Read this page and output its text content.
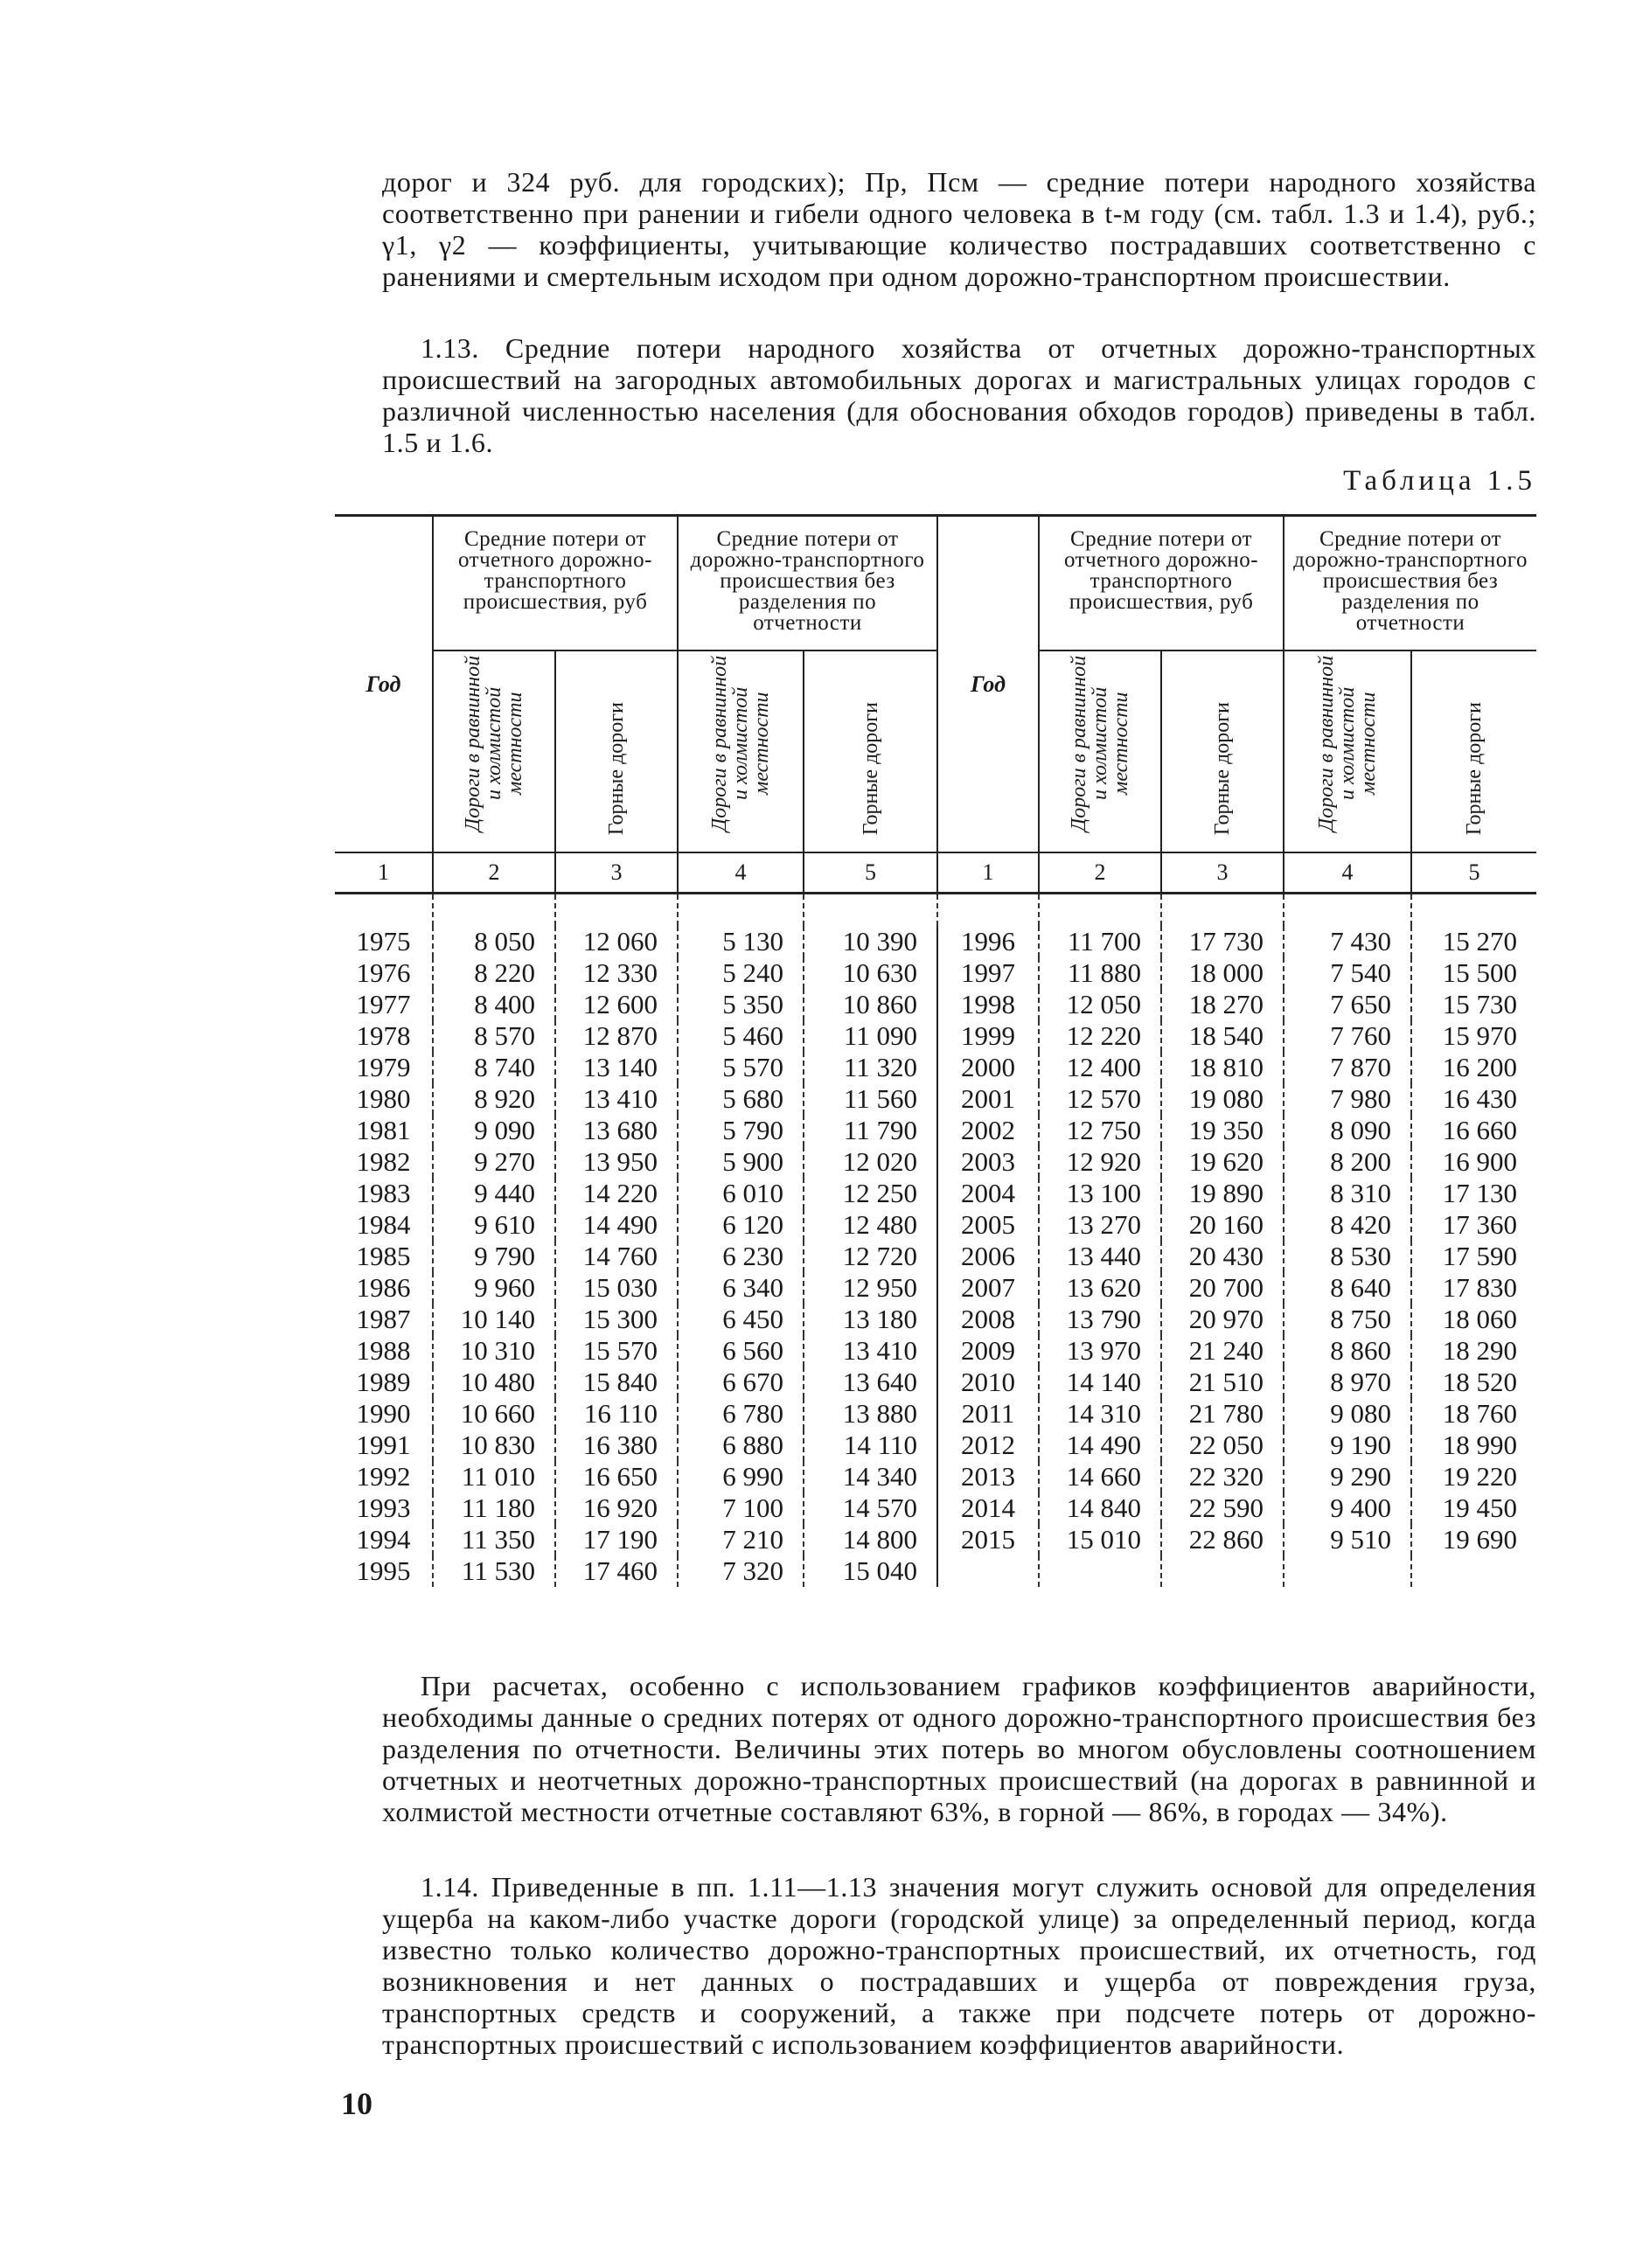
дорог и 324 руб. для городских); Пр, Псм — средние потери народного хозяйства соответственно при ранении и гибели одного человека в t-м году (см. табл. 1.3 и 1.4), руб.; γ1, γ2 — коэффициенты, учитывающие количество пострадавших соответственно с ранениями и смертельным исходом при одном дорожно-транспортном происшествии.

1.13. Средние потери народного хозяйства от отчетных дорожно-транспортных происшествий на загородных автомобильных дорогах и магистральных улицах городов с различной численностью населения (для обоснования обходов городов) приведены в табл. 1.5 и 1.6.

Таблица 1.5
Год	Средние потери от отчетного дорожно-транспортного происшествия, руб		Средние потери от дорожно-транспортного происшествия без разделения по отчетности		Год	Средние потери от отчетного дорожно-транспортного происшествия, руб		Средние потери от дорожно-транспортного происшествия без разделения по отчетности	
	Дороги в равнинной и холмистой местности	Горные дороги	Дороги в равнинной и холмистой местности	Горные дороги		Дороги в равнинной и холмистой местности	Горные дороги	Дороги в равнинной и холмистой местности	Горные дороги
1	2	3	4	5	1	2	3	4	5

1975	8 050	12 060	5 130	10 390	1996	11 700	17 730	7 430	15 270
1976	8 220	12 330	5 240	10 630	1997	11 880	18 000	7 540	15 500
1977	8 400	12 600	5 350	10 860	1998	12 050	18 270	7 650	15 730
1978	8 570	12 870	5 460	11 090	1999	12 220	18 540	7 760	15 970
1979	8 740	13 140	5 570	11 320	2000	12 400	18 810	7 870	16 200
1980	8 920	13 410	5 680	11 560	2001	12 570	19 080	7 980	16 430
1981	9 090	13 680	5 790	11 790	2002	12 750	19 350	8 090	16 660
1982	9 270	13 950	5 900	12 020	2003	12 920	19 620	8 200	16 900
1983	9 440	14 220	6 010	12 250	2004	13 100	19 890	8 310	17 130
1984	9 610	14 490	6 120	12 480	2005	13 270	20 160	8 420	17 360
1985	9 790	14 760	6 230	12 720	2006	13 440	20 430	8 530	17 590
1986	9 960	15 030	6 340	12 950	2007	13 620	20 700	8 640	17 830
1987	10 140	15 300	6 450	13 180	2008	13 790	20 970	8 750	18 060
1988	10 310	15 570	6 560	13 410	2009	13 970	21 240	8 860	18 290
1989	10 480	15 840	6 670	13 640	2010	14 140	21 510	8 970	18 520
1990	10 660	16 110	6 780	13 880	2011	14 310	21 780	9 080	18 760
1991	10 830	16 380	6 880	14 110	2012	14 490	22 050	9 190	18 990
1992	11 010	16 650	6 990	14 340	2013	14 660	22 320	9 290	19 220
1993	11 180	16 920	7 100	14 570	2014	14 840	22 590	9 400	19 450
1994	11 350	17 190	7 210	14 800	2015	15 010	22 860	9 510	19 690
1995	11 530	17 460	7 320	15 040					

При расчетах, особенно с использованием графиков коэффициентов аварийности, необходимы данные о средних потерях от одного дорожно-транспортного происшествия без разделения по отчетности. Величины этих потерь во многом обусловлены соотношением отчетных и неотчетных дорожно-транспортных происшествий (на дорогах в равнинной и холмистой местности отчетные составляют 63%, в горной — 86%, в городах — 34%).

1.14. Приведенные в пп. 1.11—1.13 значения могут служить основой для определения ущерба на каком-либо участке дороги (городской улице) за определенный период, когда известно только количество дорожно-транспортных происшествий, их отчетность, год возникновения и нет данных о пострадавших и ущерба от повреждения груза, транспортных средств и сооружений, а также при подсчете потерь от дорожно-транспортных происшествий с использованием коэффициентов аварийности.

10
